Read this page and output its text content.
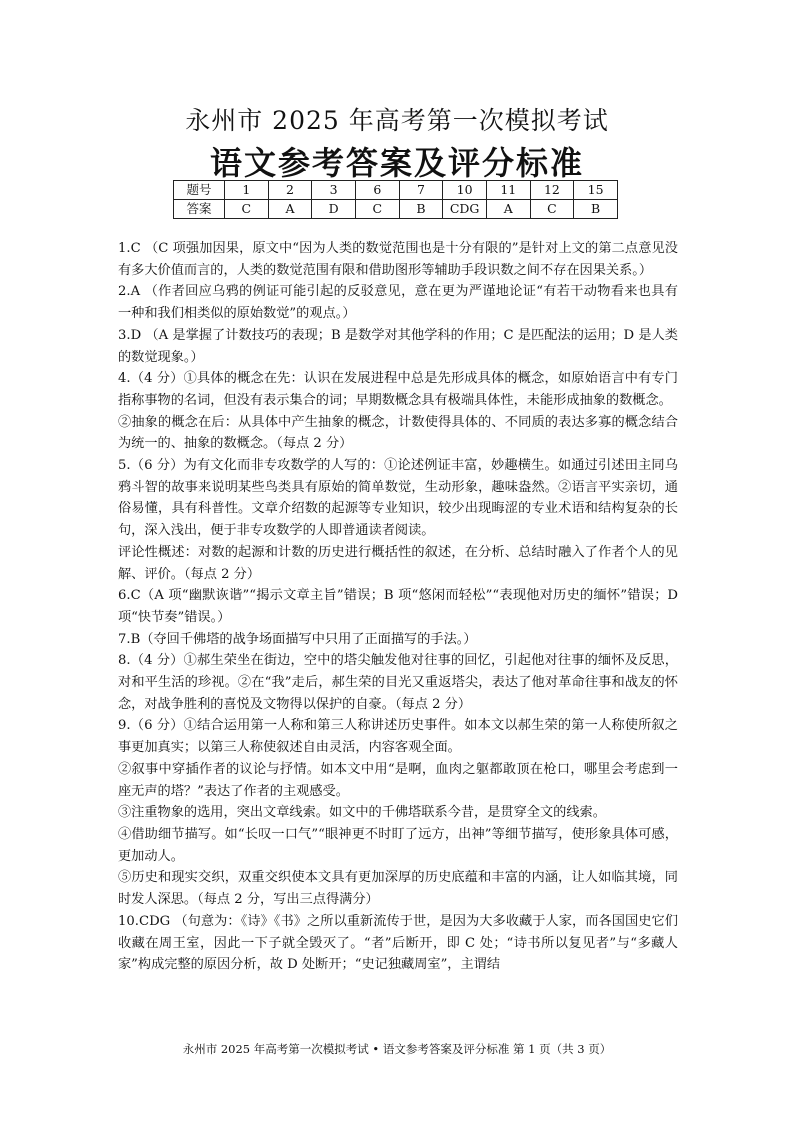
永州市 2025 年高考第一次模拟考试
语文参考答案及评分标准
题号	1	2	3	6	7	10	11	12	15
答案	C	A	D	C	B	CDG	A	C	B

1.C （C 项强加因果，原文中“因为人类的数觉范围也是十分有限的”是针对上文的第二点意见没有多大价值而言的，人类的数觉范围有限和借助图形等辅助手段识数之间不存在因果关系。）

2.A （作者回应乌鸦的例证可能引起的反驳意见，意在更为严谨地论证“有若干动物看来也具有一种和我们相类似的原始数觉”的观点。）

3.D （A 是掌握了计数技巧的表现；B 是数学对其他学科的作用；C 是匹配法的运用；D 是人类的数觉现象。）

4.（4 分）①具体的概念在先：认识在发展进程中总是先形成具体的概念，如原始语言中有专门指称事物的名词，但没有表示集合的词；早期数概念具有极端具体性，未能形成抽象的数概念。

②抽象的概念在后：从具体中产生抽象的概念，计数使得具体的、不同质的表达多寡的概念结合为统一的、抽象的数概念。（每点 2 分）

5.（6 分）为有文化而非专攻数学的人写的：①论述例证丰富，妙趣横生。如通过引述田主同乌鸦斗智的故事来说明某些鸟类具有原始的简单数觉，生动形象，趣味盎然。②语言平实亲切，通俗易懂，具有科普性。文章介绍数的起源等专业知识，较少出现晦涩的专业术语和结构复杂的长句，深入浅出，便于非专攻数学的人即普通读者阅读。

评论性概述：对数的起源和计数的历史进行概括性的叙述，在分析、总结时融入了作者个人的见解、评价。（每点 2 分）

6.C（A 项“幽默诙谐”“揭示文章主旨”错误；B 项“悠闲而轻松”“表现他对历史的缅怀”错误；D 项“快节奏”错误。）

7.B（夺回千佛塔的战争场面描写中只用了正面描写的手法。）

8.（4 分）①郝生荣坐在街边，空中的塔尖触发他对往事的回忆，引起他对往事的缅怀及反思，对和平生活的珍视。②在“我”走后，郝生荣的目光又重返塔尖，表达了他对革命往事和战友的怀念，对战争胜利的喜悦及文物得以保护的自豪。（每点 2 分）

9.（6 分）①结合运用第一人称和第三人称讲述历史事件。如本文以郝生荣的第一人称使所叙之事更加真实；以第三人称使叙述自由灵活，内容客观全面。

②叙事中穿插作者的议论与抒情。如本文中用“是啊，血肉之躯都敢顶在枪口，哪里会考虑到一座无声的塔？”表达了作者的主观感受。

③注重物象的选用，突出文章线索。如文中的千佛塔联系今昔，是贯穿全文的线索。

④借助细节描写。如“长叹一口气”“眼神更不时盯了远方，出神”等细节描写，使形象具体可感，更加动人。

⑤历史和现实交织，双重交织使本文具有更加深厚的历史底蕴和丰富的内涵，让人如临其境，同时发人深思。（每点 2 分，写出三点得满分）

10.CDG （句意为：《诗》《书》之所以重新流传于世，是因为大多收藏于人家，而各国国史它们收藏在周王室，因此一下子就全毁灭了。“者”后断开，即 C 处；“诗书所以复见者”与“多藏人家”构成完整的原因分析，故 D 处断开；“史记独藏周室”，主谓结

永州市 2025 年高考第一次模拟考试 • 语文参考答案及评分标准 第 1 页（共 3 页）
